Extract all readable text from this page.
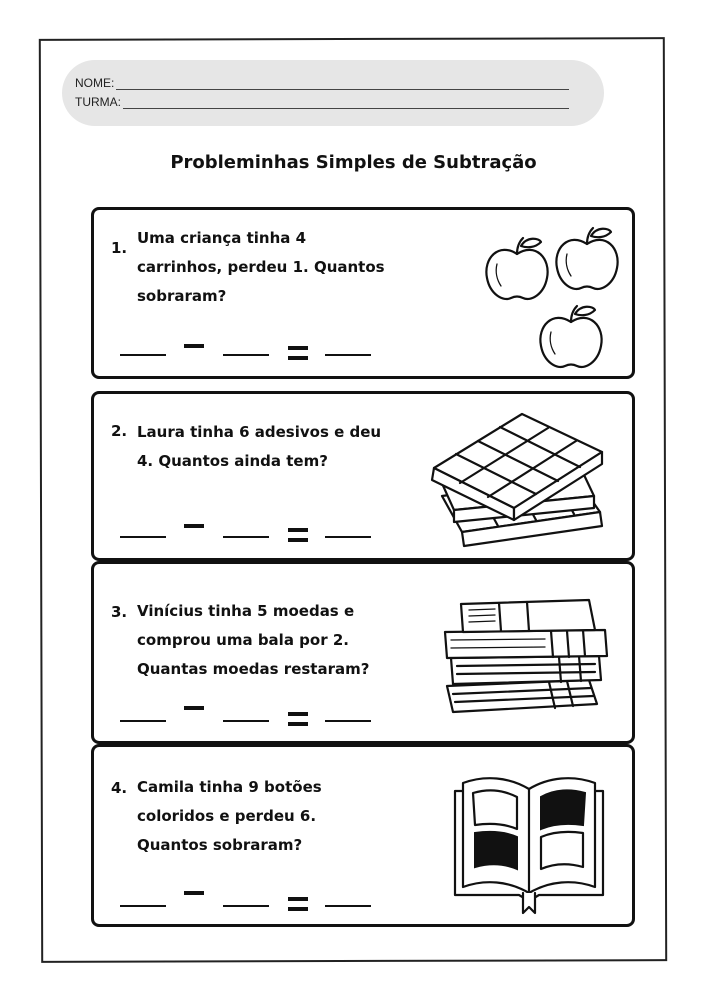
NOME:
TURMA:
Probleminhas Simples de Subtração
1.
Uma criança tinha 4
carrinhos, perdeu 1. Quantos
sobraram?
2. Laura tinha 6 adesivos e deu
4. Quantos ainda tem?
3. Vinícius tinha 5 moedas e
comprou uma bala por 2.
Quantas moedas restaram?
4. Camila tinha 9 botões
coloridos e perdeu 6.
Quantos sobraram?
